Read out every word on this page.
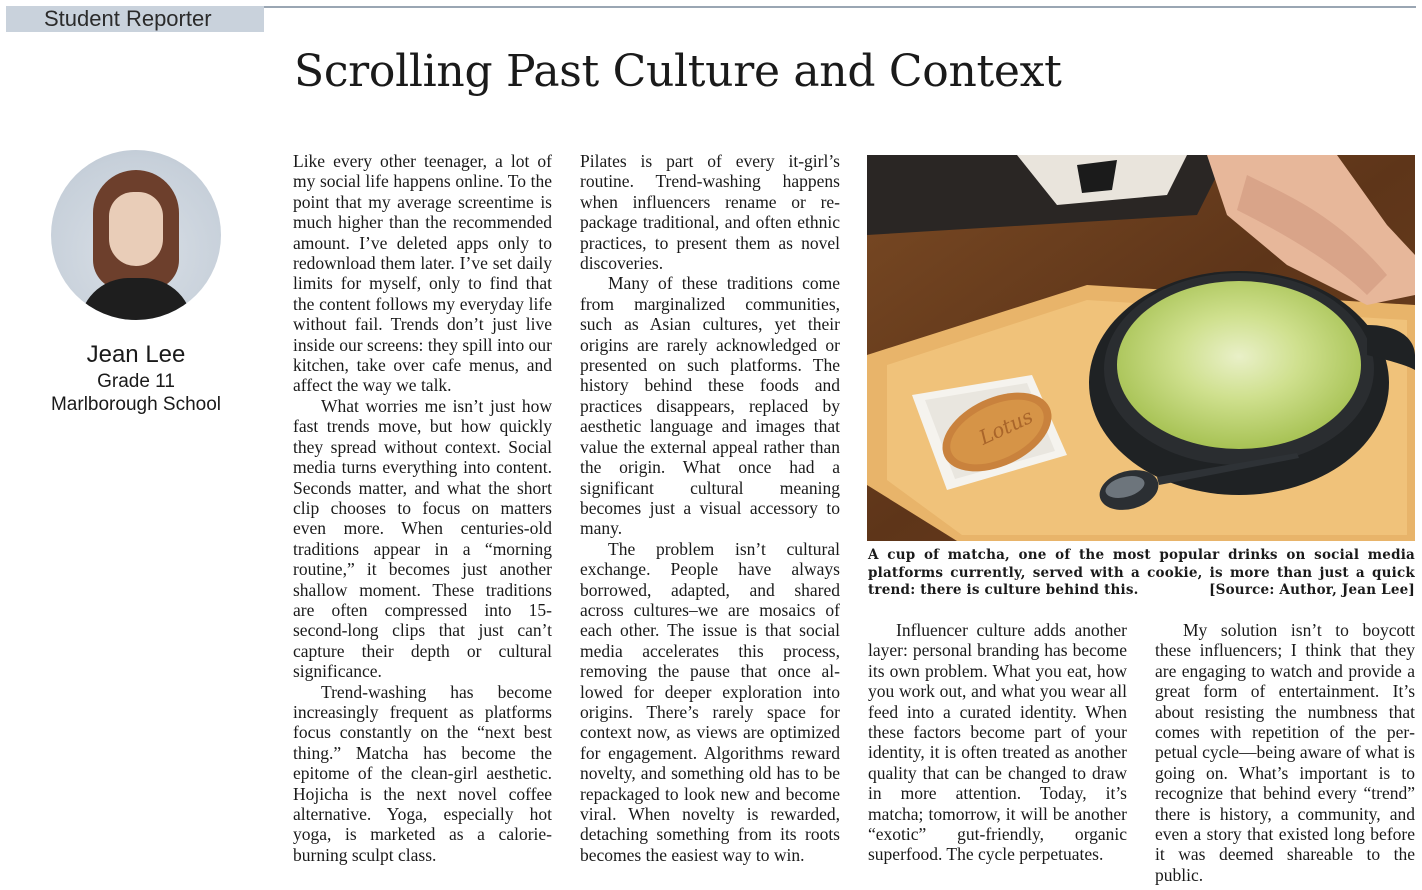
Student Reporter
Scrolling Past Culture and Context
Jean Lee
Grade 11
Marlborough School

Like every other teenager, a lot of my social life happens online. To the point that my average screentime is much higher than the recommended amount. I’ve deleted apps only to redownload them later. I’ve set daily limits for myself, only to find that the content follows my everyday life without fail. Trends don’t just live inside our screens: they spill into our kitchen, take over cafe menus, and affect the way we talk.

What worries me isn’t just how fast trends move, but how quickly they spread without context. Social media turns everything into content. Seconds matter, and what the short clip chooses to focus on matters even more. When centuries-old traditions appear in a “morning routine,” it becomes just another shallow moment. These traditions are often compressed into 15-second-long clips that just can’t capture their depth or cultural significance.

Trend-washing has become increasingly frequent as platforms focus constantly on the “next best thing.” Matcha has become the epitome of the clean-girl aesthetic. Hojicha is the next novel coffee alternative. Yoga, especially hot yoga, is marketed as a calorie-burning sculpt class.

Pilates is part of every it-girl’s routine. Trend-washing happens when influencers rename or repackage traditional, and often ethnic practices, to present them as novel discoveries.

Many of these traditions come from marginalized communities, such as Asian cultures, yet their origins are rarely acknowledged or presented on such platforms. The history behind these foods and practices disappears, replaced by aesthetic language and images that value the external appeal rather than the origin. What once had a significant cultural meaning becomes just a visual accessory to many.

The problem isn’t cultural exchange. People have always borrowed, adapted, and shared across cultures–we are mosaics of each other. The issue is that social media accelerates this process, removing the pause that once allowed for deeper exploration into origins. There’s rarely space for context now, as views are optimized for engagement. Algorithms reward novelty, and something old has to be repackaged to look new and become viral. When novelty is rewarded, detaching something from its roots becomes the easiest way to win.

Lotus
A cup of matcha, one of the most popular drinks on social media platforms currently, served with a cookie, is more than just a quick trend: there is culture behind this.	[Source: Author, Jean Lee]

Influencer culture adds another layer: personal branding has become its own problem. What you eat, how you work out, and what you wear all feed into a curated identity. When these factors become part of your identity, it is often treated as another quality that can be changed to draw in more attention. Today, it’s matcha; tomorrow, it will be another “exotic” gut-friendly, organic superfood. The cycle perpetuates.

My solution isn’t to boycott these influencers; I think that they are engaging to watch and provide a great form of entertainment. It’s about resisting the numbness that comes with repetition of the perpetual cycle—being aware of what is going on. What’s important is to recognize that behind every “trend” there is history, a community, and even a story that existed long before it was deemed shareable to the public.
